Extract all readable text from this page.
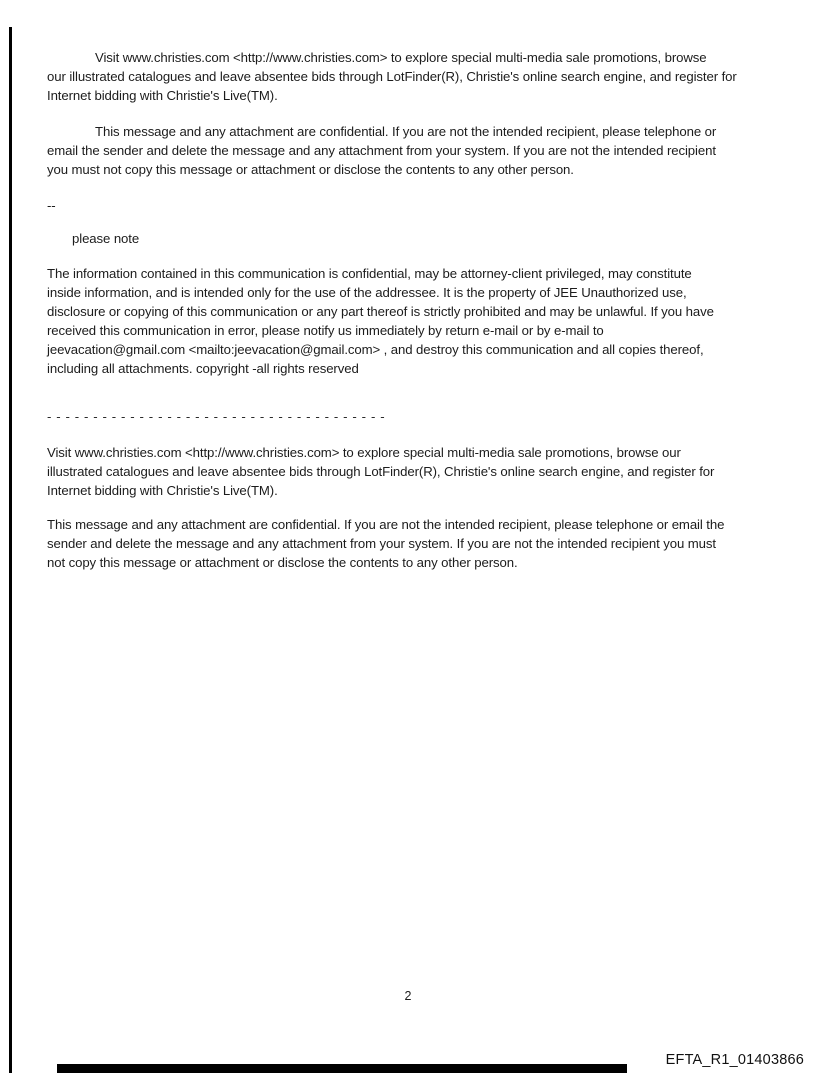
Visit www.christies.com <http://www.christies.com> to explore special multi-media sale promotions, browse
our illustrated catalogues and leave absentee bids through LotFinder(R), Christie's online search engine, and register for
Internet bidding with Christie's Live(TM).
This message and any attachment are confidential. If you are not the intended recipient, please telephone or
email the sender and delete the message and any attachment from your system. If you are not the intended recipient
you must not copy this message or attachment or disclose the contents to any other person.
--
please note
The information contained in this communication is confidential, may be attorney-client privileged, may constitute
inside information, and is intended only for the use of the addressee. It is the property of JEE Unauthorized use,
disclosure or copying of this communication or any part thereof is strictly prohibited and may be unlawful. If you have
received this communication in error, please notify us immediately by return e-mail or by e-mail to
jeevacation@gmail.com <mailto:jeevacation@gmail.com> , and destroy this communication and all copies thereof,
including all attachments. copyright -all rights reserved
- - - - - - - - - - - - - - - - - - - - - - - - - - - - - - - - - - - - -
Visit www.christies.com <http://www.christies.com> to explore special multi-media sale promotions, browse our
illustrated catalogues and leave absentee bids through LotFinder(R), Christie's online search engine, and register for
Internet bidding with Christie's Live(TM).
This message and any attachment are confidential. If you are not the intended recipient, please telephone or email the
sender and delete the message and any attachment from your system. If you are not the intended recipient you must
not copy this message or attachment or disclose the contents to any other person.
2
EFTA_R1_01403866
